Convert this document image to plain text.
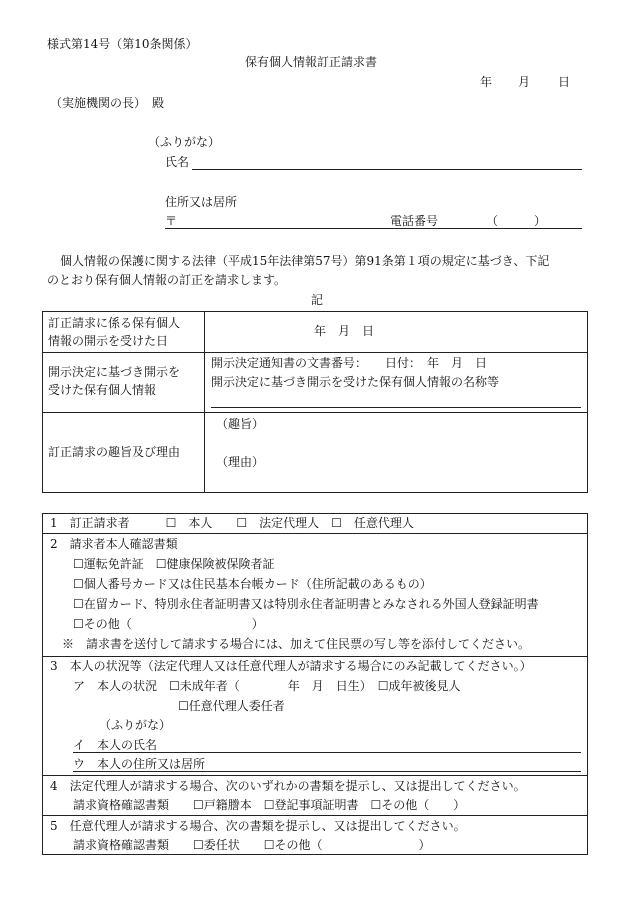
様式第14号（第10条関係）
保有個人情報訂正請求書
年 月 日
（実施機関の長）　殿
（ふりがな）
氏名
住所又は居所
〒	電話番号	（　　　）
個人情報の保護に関する法律（平成15年法律第57号）第91条第１項の規定に基づき、下記
のとおり保有個人情報の訂正を請求します。
記
訂正請求に係る保有個人
情報の開示を受けた日
年　月　日
開示決定に基づき開示を
受けた保有個人情報
開示決定通知書の文書番号：　　日付：　年　月　日
開示決定に基づき開示を受けた保有個人情報の名称等
訂正請求の趣旨及び理由
（趣旨）
（理由）
1　訂正請求者　　　☐　本人　　☐　法定代理人　☐　任意代理人
2　請求者本人確認書類
☐運転免許証　☐健康保険被保険者証
☐個人番号カード又は住民基本台帳カード（住所記載のあるもの）
☐在留カード、特別永住者証明書又は特別永住者証明書とみなされる外国人登録証明書
☐その他（　　　　　　　　　　）
※　請求書を送付して請求する場合には、加えて住民票の写し等を添付してください。
3　本人の状況等（法定代理人又は任意代理人が請求する場合にのみ記載してください。）
ア　本人の状況　☐未成年者（　　　　年　月　日生）　☐成年被後見人
☐任意代理人委任者
（ふりがな）
イ　本人の氏名
ウ　本人の住所又は居所
4　法定代理人が請求する場合、次のいずれかの書類を提示し、又は提出してください。
請求資格確認書類　　☐戸籍謄本　☐登記事項証明書　☐その他（　　）
5　任意代理人が請求する場合、次の書類を提示し、又は提出してください。
請求資格確認書類　　☐委任状　　☐その他（　　　　　　　　）
